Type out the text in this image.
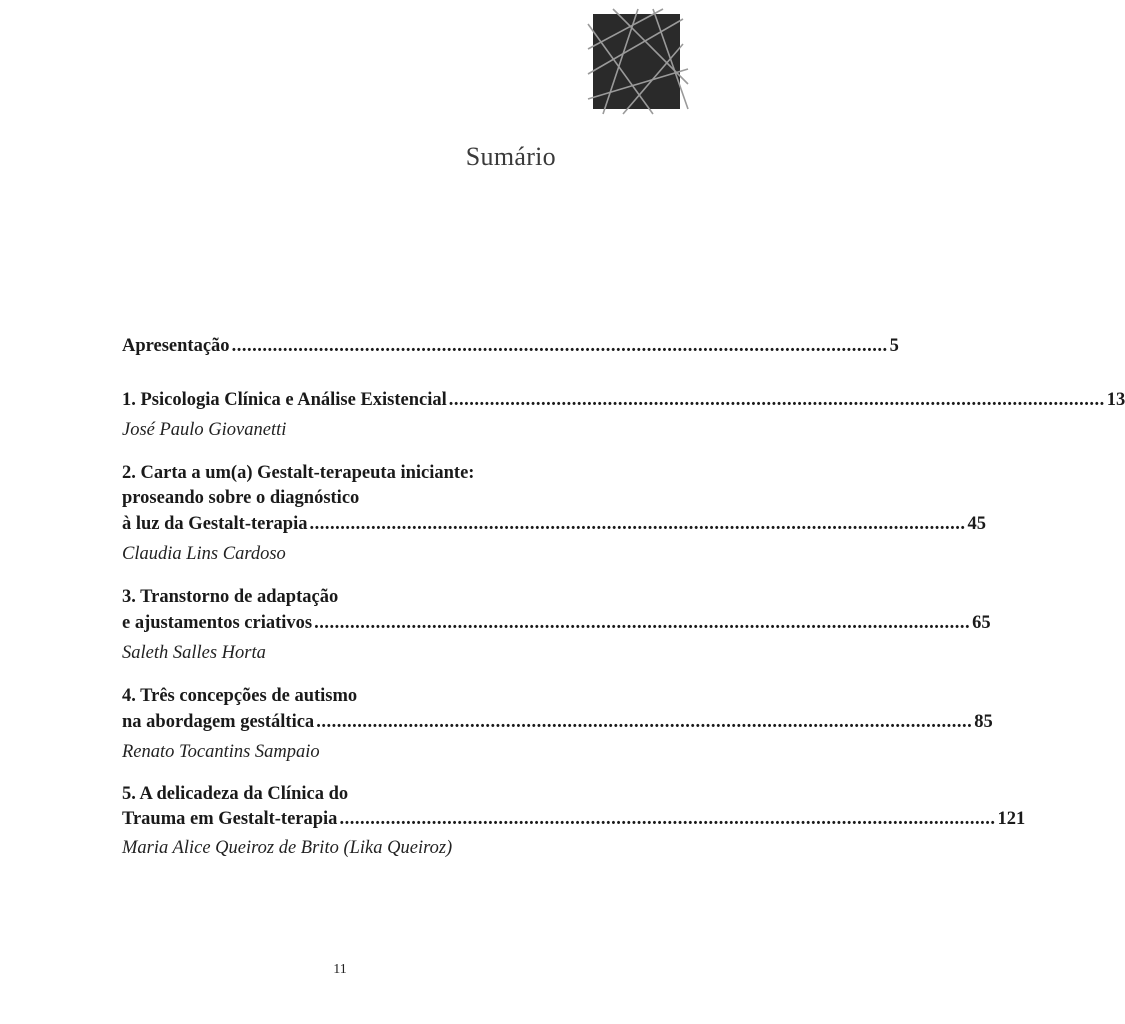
Sumário
Apresentação ................................................................................................................................ 5
1. Psicologia Clínica e Análise Existencial ................................................................................................................................ 13
José Paulo Giovanetti
2. Carta a um(a) Gestalt-terapeuta iniciante:
proseando sobre o diagnóstico
à luz da Gestalt-terapia ................................................................................................................................ 45
Claudia Lins Cardoso
3. Transtorno de adaptação
e ajustamentos criativos ................................................................................................................................ 65
Saleth Salles Horta
4. Três concepções de autismo
na abordagem gestáltica ................................................................................................................................ 85
Renato Tocantins Sampaio
5. A delicadeza da Clínica do
Trauma em Gestalt-terapia ................................................................................................................................ 121
Maria Alice Queiroz de Brito (Lika Queiroz)
11
